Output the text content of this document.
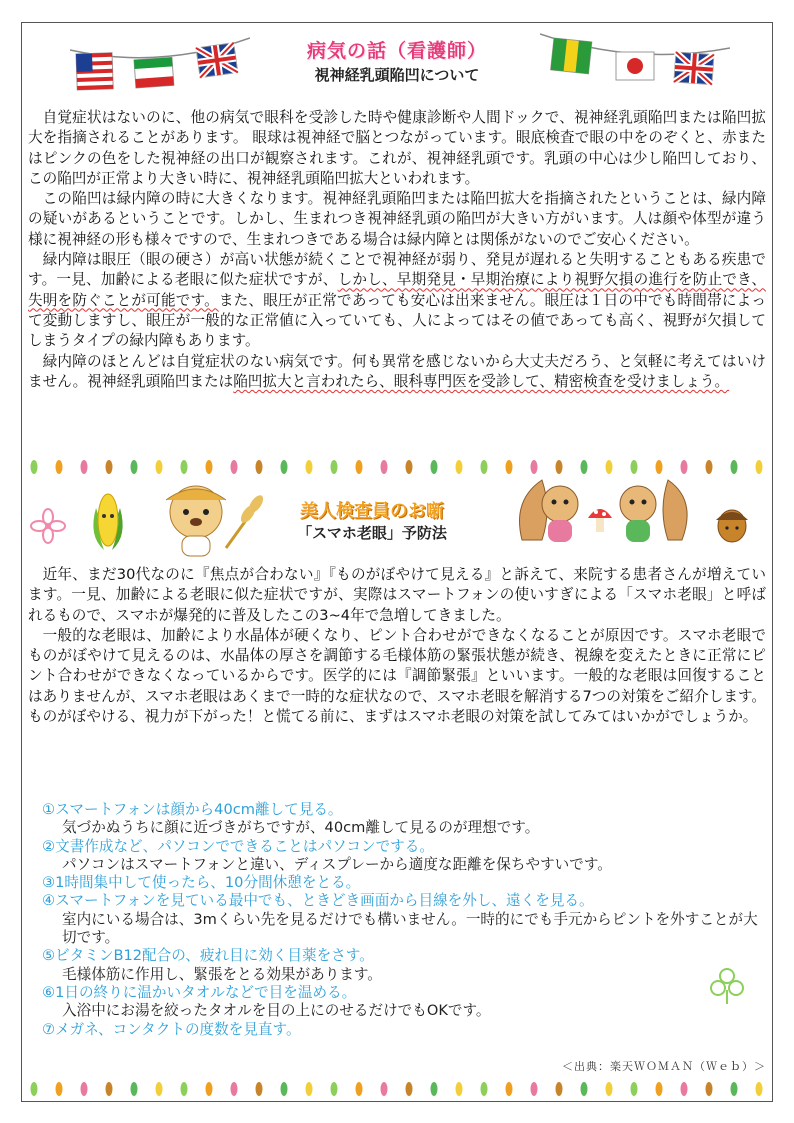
病気の話（看護師）
視神経乳頭陥凹について
自覚症状はないのに、他の病気で眼科を受診した時や健康診断や人間ドックで、視神経乳頭陥凹または陥凹拡大を指摘されることがあります。 眼球は視神経で脳とつながっています。眼底検査で眼の中をのぞくと、赤またはピンクの色をした視神経の出口が観察されます。これが、視神経乳頭です。乳頭の中心は少し陥凹しており、この陥凹が正常より大きい時に、視神経乳頭陥凹拡大といわれます。
この陥凹は緑内障の時に大きくなります。視神経乳頭陥凹または陥凹拡大を指摘されたということは、緑内障の疑いがあるということです。しかし、生まれつき視神経乳頭の陥凹が大きい方がいます。人は顔や体型が違う様に視神経の形も様々ですので、生まれつきである場合は緑内障とは関係がないのでご安心ください。
緑内障は眼圧（眼の硬さ）が高い状態が続くことで視神経が弱り、発見が遅れると失明することもある疾患です。一見、加齢による老眼に似た症状ですが、しかし、早期発見・早期治療により視野欠損の進行を防止でき、失明を防ぐことが可能です。また、眼圧が正常であっても安心は出来ません。眼圧は１日の中でも時間帯によって変動しますし、眼圧が一般的な正常値に入っていても、人によってはその値であっても高く、視野が欠損してしまうタイプの緑内障もあります。
緑内障のほとんどは自覚症状のない病気です。何も異常を感じないから大丈夫だろう、と気軽に考えてはいけません。視神経乳頭陥凹または陥凹拡大と言われたら、眼科専門医を受診して、精密検査を受けましょう。
美人検査員のお噺
「スマホ老眼」予防法
近年、まだ30代なのに『焦点が合わない』『ものがぼやけて見える』と訴えて、来院する患者さんが増えています。一見、加齢による老眼に似た症状ですが、実際はスマートフォンの使いすぎによる「スマホ老眼」と呼ばれるもので、スマホが爆発的に普及したこの3~4年で急増してきました。
一般的な老眼は、加齢により水晶体が硬くなり、ピント合わせができなくなることが原因です。スマホ老眼でものがぼやけて見えるのは、水晶体の厚さを調節する毛様体筋の緊張状態が続き、視線を変えたときに正常にピント合わせができなくなっているからです。医学的には『調節緊張』といいます。一般的な老眼は回復することはありませんが、スマホ老眼はあくまで一時的な症状なので、スマホ老眼を解消する7つの対策をご紹介します。ものがぼやける、視力が下がった！と慌てる前に、まずはスマホ老眼の対策を試してみてはいかがでしょうか。
①スマートフォンは顔から40cm離して見る。
気づかぬうちに顔に近づきがちですが、40cm離して見るのが理想です。
②文書作成など、パソコンでできることはパソコンでする。
パソコンはスマートフォンと違い、ディスプレーから適度な距離を保ちやすいです。
③1時間集中して使ったら、10分間休憩をとる。
④スマートフォンを見ている最中でも、ときどき画面から目線を外し、遠くを見る。
室内にいる場合は、3mくらい先を見るだけでも構いません。一時的にでも手元からピントを外すことが大切です。
⑤ビタミンB12配合の、疲れ目に効く目薬をさす。
毛様体筋に作用し、緊張をとる効果があります。
⑥1日の終りに温かいタオルなどで目を温める。
入浴中にお湯を絞ったタオルを目の上にのせるだけでもOKです。
⑦メガネ、コンタクトの度数を見直す。
＜出典：楽天ＷＯＭＡＮ（Ｗｅｂ）＞
